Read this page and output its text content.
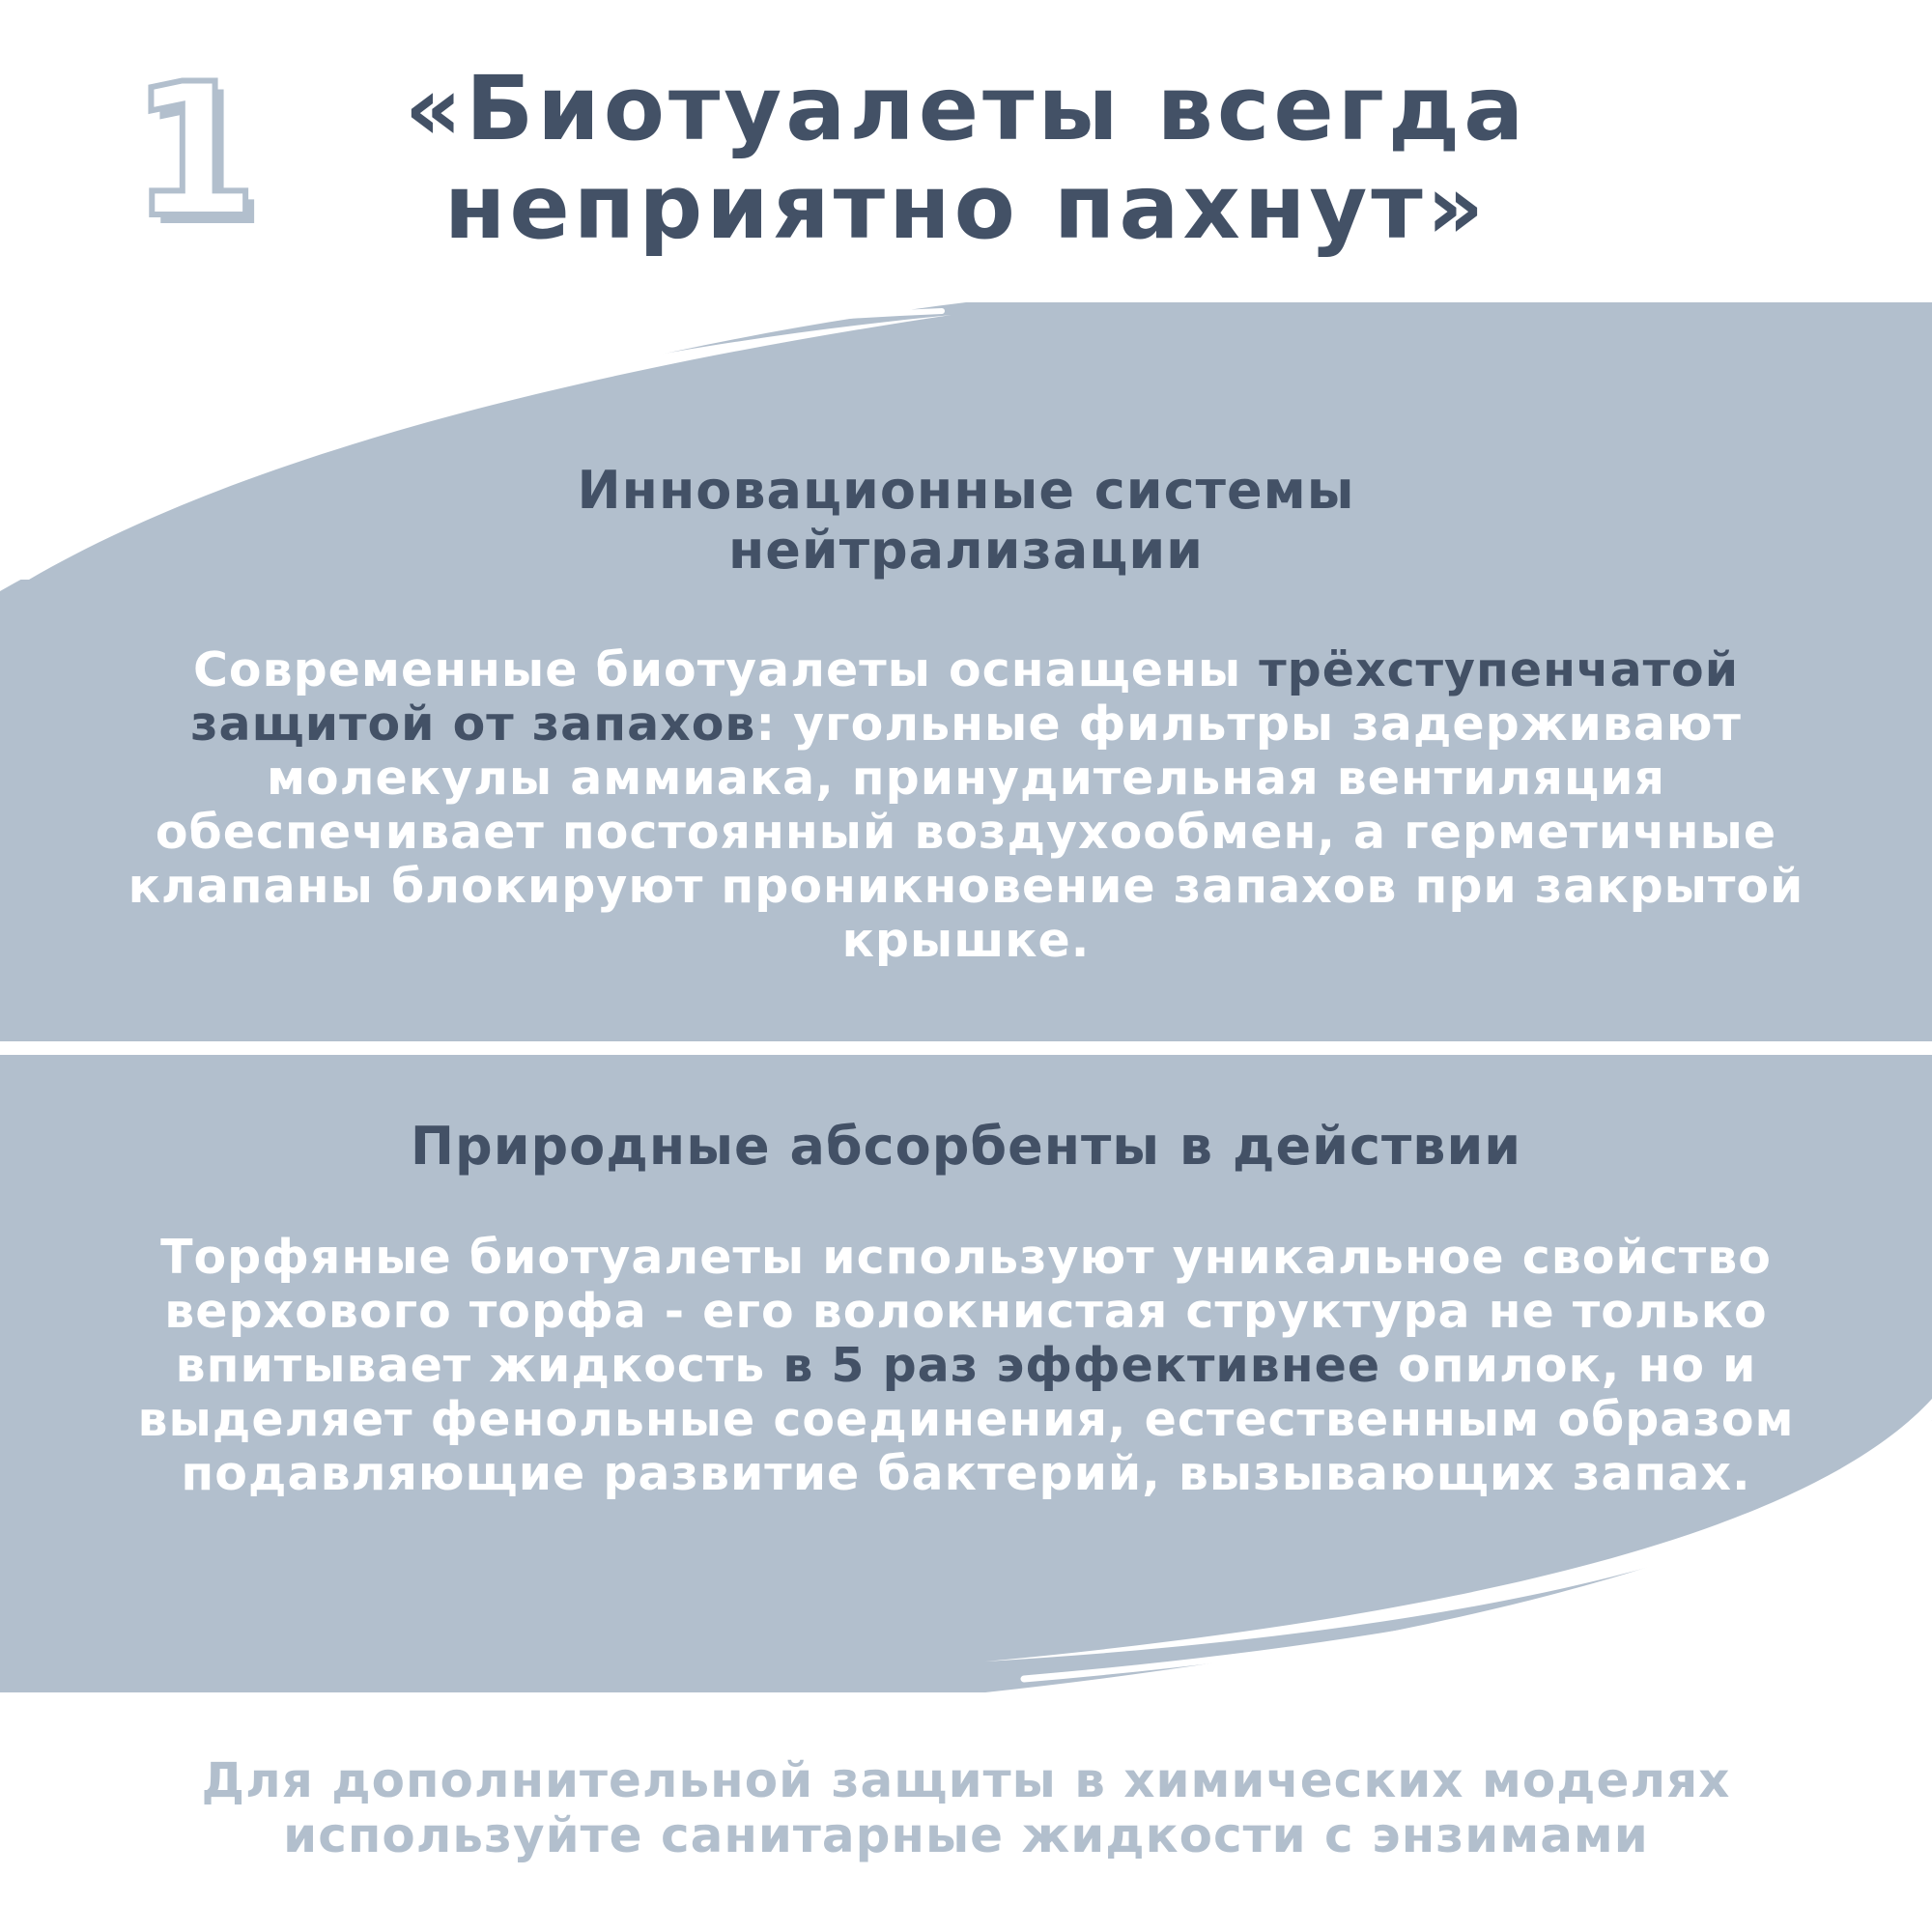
1	«Биотуалеты всегда
неприятно пахнут»
Инновационные системы
нейтрализации
Современные биотуалеты оснащены трёхступенчатой защитой от запахов: угольные фильтры задерживают молекулы аммиака, принудительная вентиляция обеспечивает постоянный воздухообмен, а герметичные клапаны блокируют проникновение запахов при закрытой крышке.
Природные абсорбенты в действии
Торфяные биотуалеты используют уникальное свойство верхового торфа - его волокнистая структура не только впитывает жидкость в 5 раз эффективнее опилок, но и выделяет фенольные соединения, естественным образом подавляющие развитие бактерий, вызывающих запах.
Для дополнительной защиты в химических моделях
используйте санитарные жидкости с энзимами
